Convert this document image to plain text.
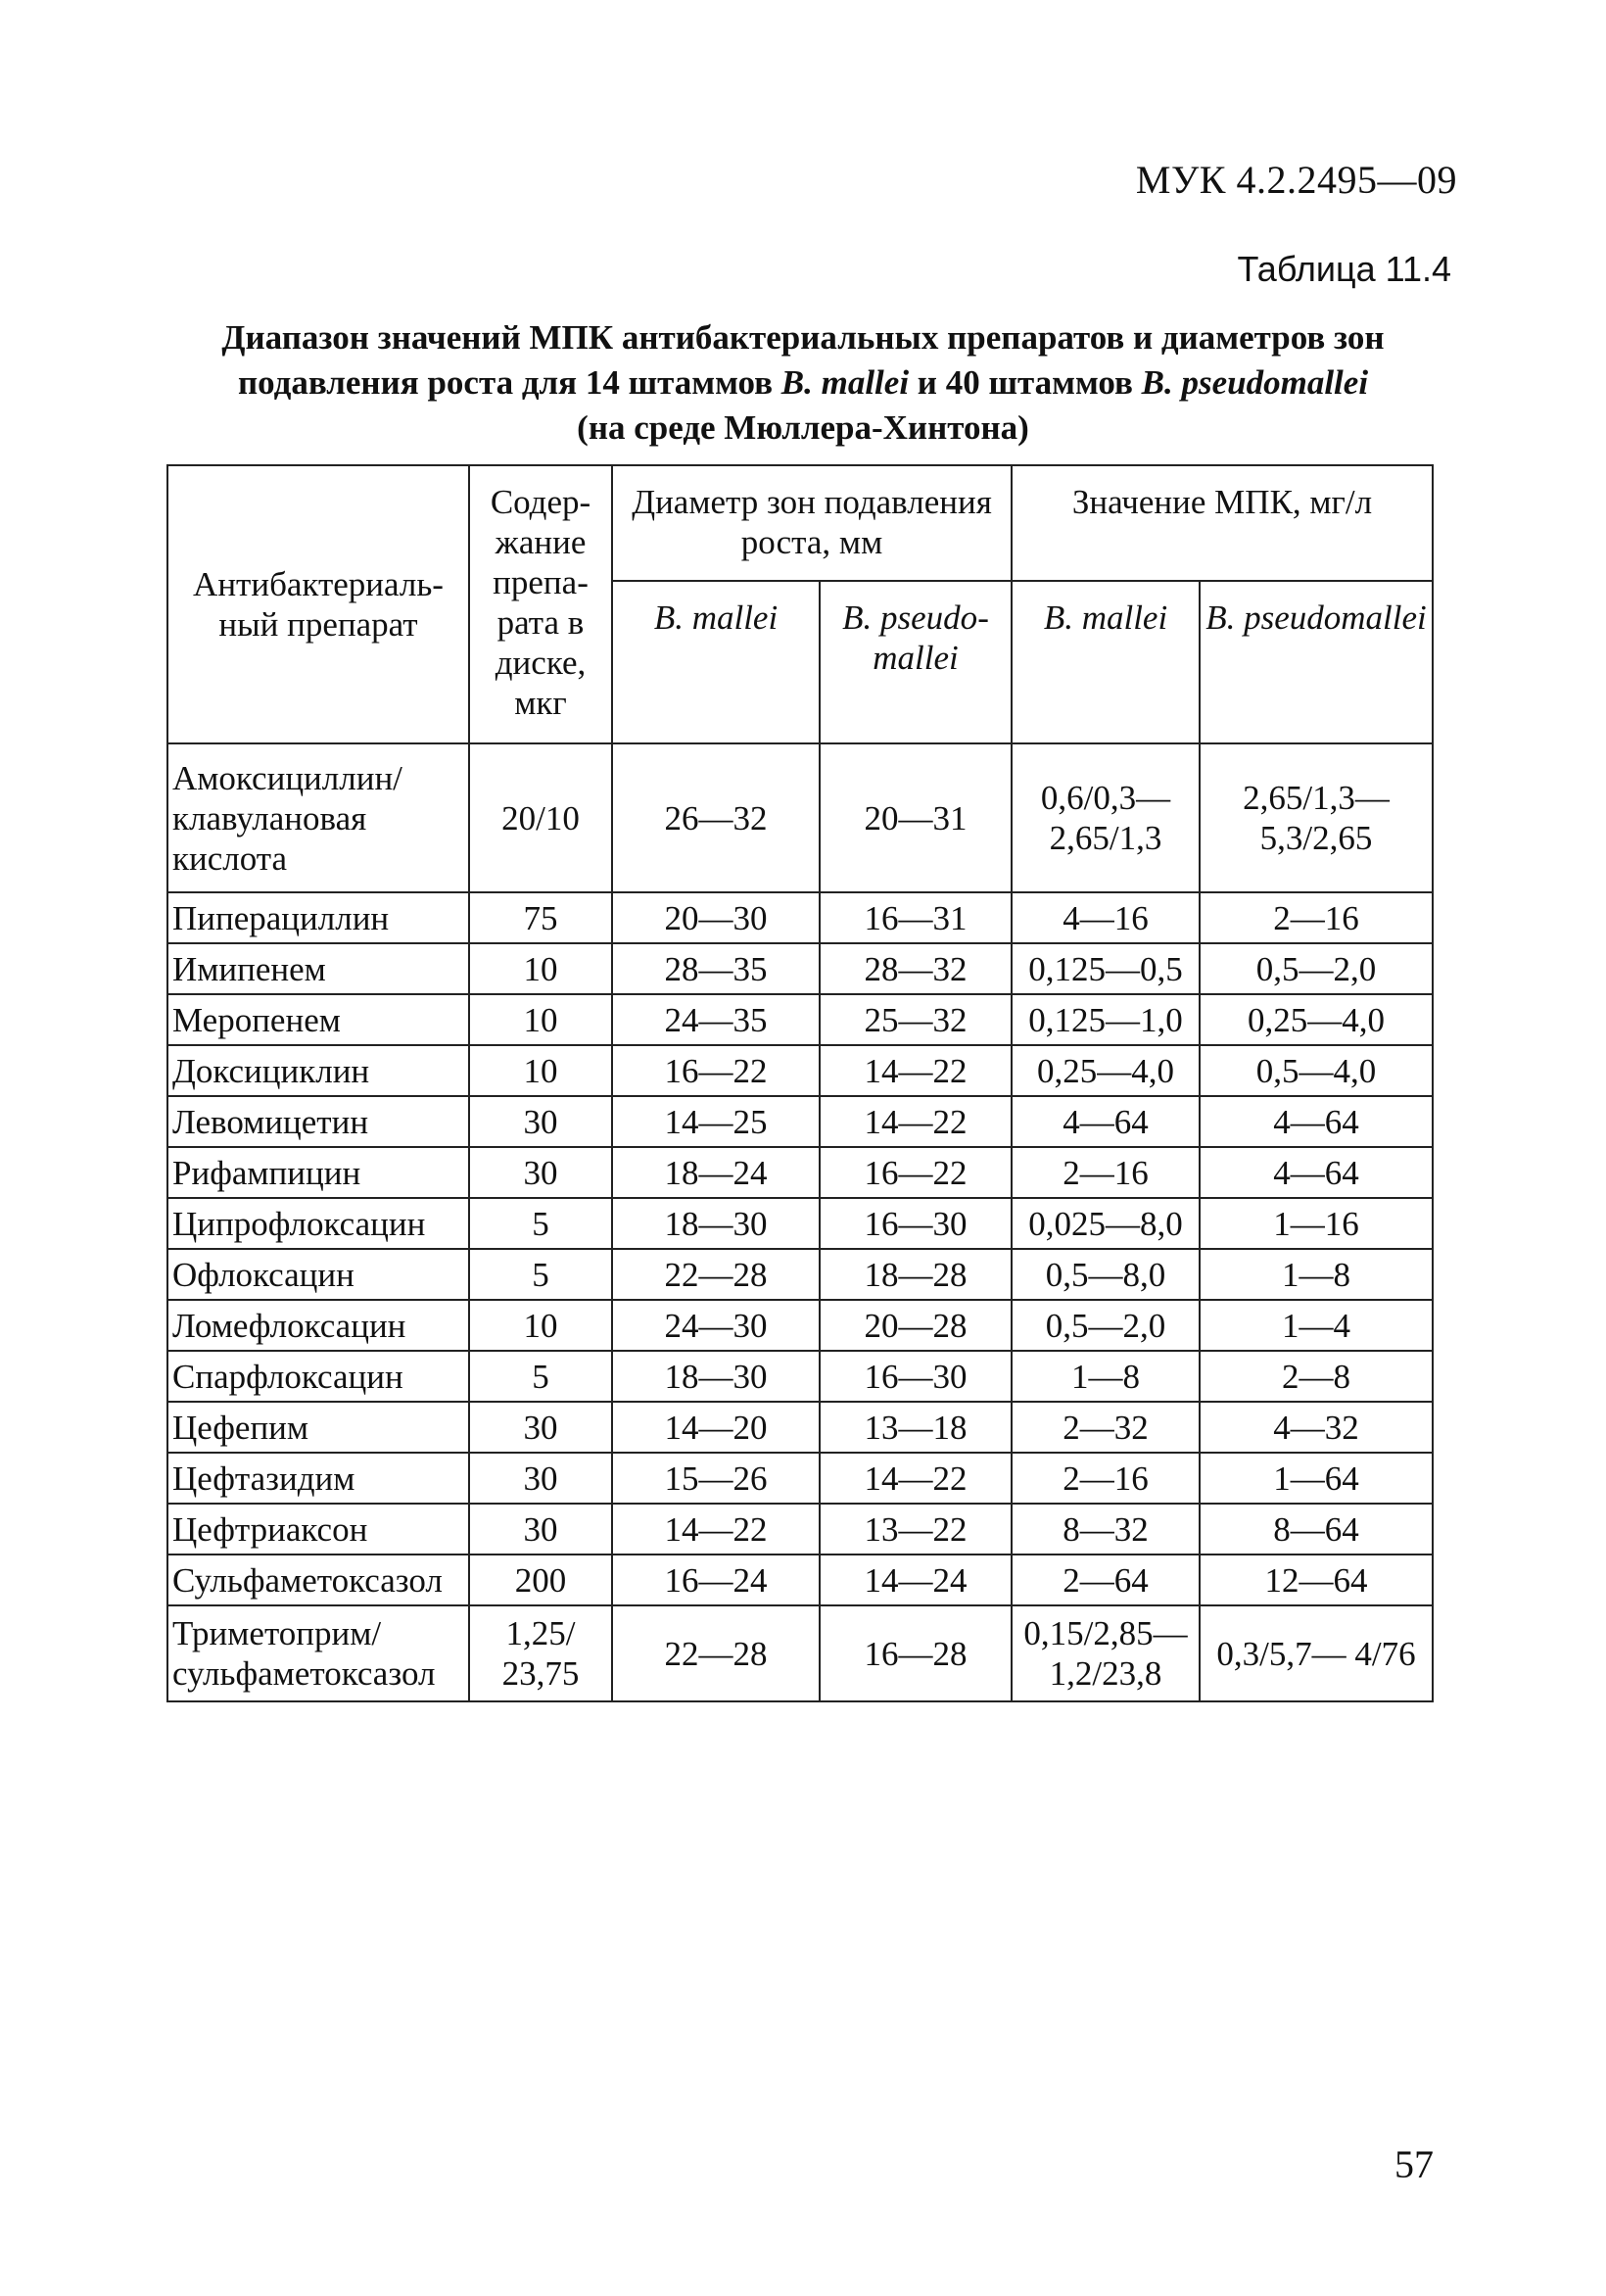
МУК 4.2.2495—09
Таблица 11.4
Диапазон значений МПК антибактериальных препаратов и диаметров зон
подавления роста для 14 штаммов B. mallei и 40 штаммов B. pseudomallei
(на среде Мюллера-Хинтона)
Антибактериальный препарат	Содержание препарата в диске, мкг	Диаметр зон подавления роста, мм		Значение МПК, мг/л	
		B. mallei	B. pseudomallei	B. mallei	B. pseudomallei
Амоксициллин/ клавулановая кислота	20/10	26—32	20—31	0,6/0,3— 2,65/1,3	2,65/1,3— 5,3/2,65
Пиперациллин	75	20—30	16—31	4—16	2—16
Имипенем	10	28—35	28—32	0,125—0,5	0,5—2,0
Меропенем	10	24—35	25—32	0,125—1,0	0,25—4,0
Доксициклин	10	16—22	14—22	0,25—4,0	0,5—4,0
Левомицетин	30	14—25	14—22	4—64	4—64
Рифампицин	30	18—24	16—22	2—16	4—64
Ципрофлоксацин	5	18—30	16—30	0,025—8,0	1—16
Офлоксацин	5	22—28	18—28	0,5—8,0	1—8
Ломефлоксацин	10	24—30	20—28	0,5—2,0	1—4
Спарфлоксацин	5	18—30	16—30	1—8	2—8
Цефепим	30	14—20	13—18	2—32	4—32
Цефтазидим	30	15—26	14—22	2—16	1—64
Цефтриаксон	30	14—22	13—22	8—32	8—64
Сульфаметоксазол	200	16—24	14—24	2—64	12—64
Триметоприм/ сульфаметоксазол	1,25/ 23,75	22—28	16—28	0,15/2,85— 1,2/23,8	0,3/5,7— 4/76
57
